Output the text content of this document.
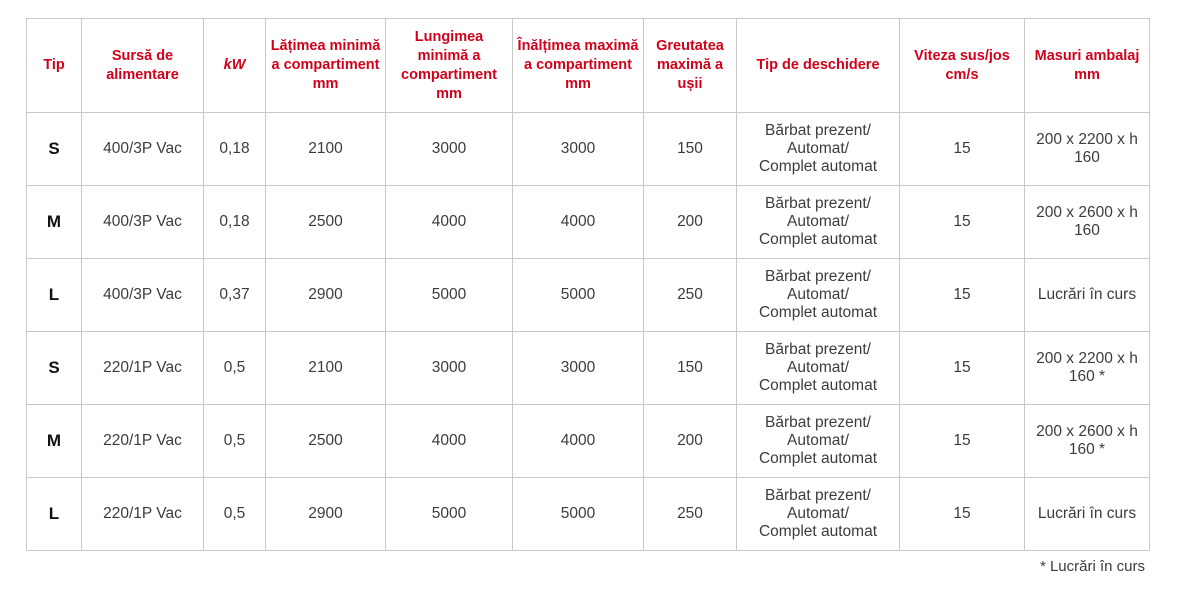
Tip	Sursă de alimentare	kW	Lățimea minimă a compartiment mm	Lungimea minimă a compartiment mm	Înălțimea maximă a compartiment mm	Greutatea maximă a ușii	Tip de deschidere	Viteza sus/jos cm/s	Masuri ambalaj mm
S	400/3P Vac	0,18	2100	3000	3000	150	Bărbat prezent/
Automat/
Complet automat	15	200 x 2200 x h 160
M	400/3P Vac	0,18	2500	4000	4000	200	Bărbat prezent/
Automat/
Complet automat	15	200 x 2600 x h 160
L	400/3P Vac	0,37	2900	5000	5000	250	Bărbat prezent/
Automat/
Complet automat	15	Lucrări în curs
S	220/1P Vac	0,5	2100	3000	3000	150	Bărbat prezent/
Automat/
Complet automat	15	200 x 2200 x h 160 *
M	220/1P Vac	0,5	2500	4000	4000	200	Bărbat prezent/
Automat/
Complet automat	15	200 x 2600 x h 160 *
L	220/1P Vac	0,5	2900	5000	5000	250	Bărbat prezent/
Automat/
Complet automat	15	Lucrări în curs
* Lucrări în curs
